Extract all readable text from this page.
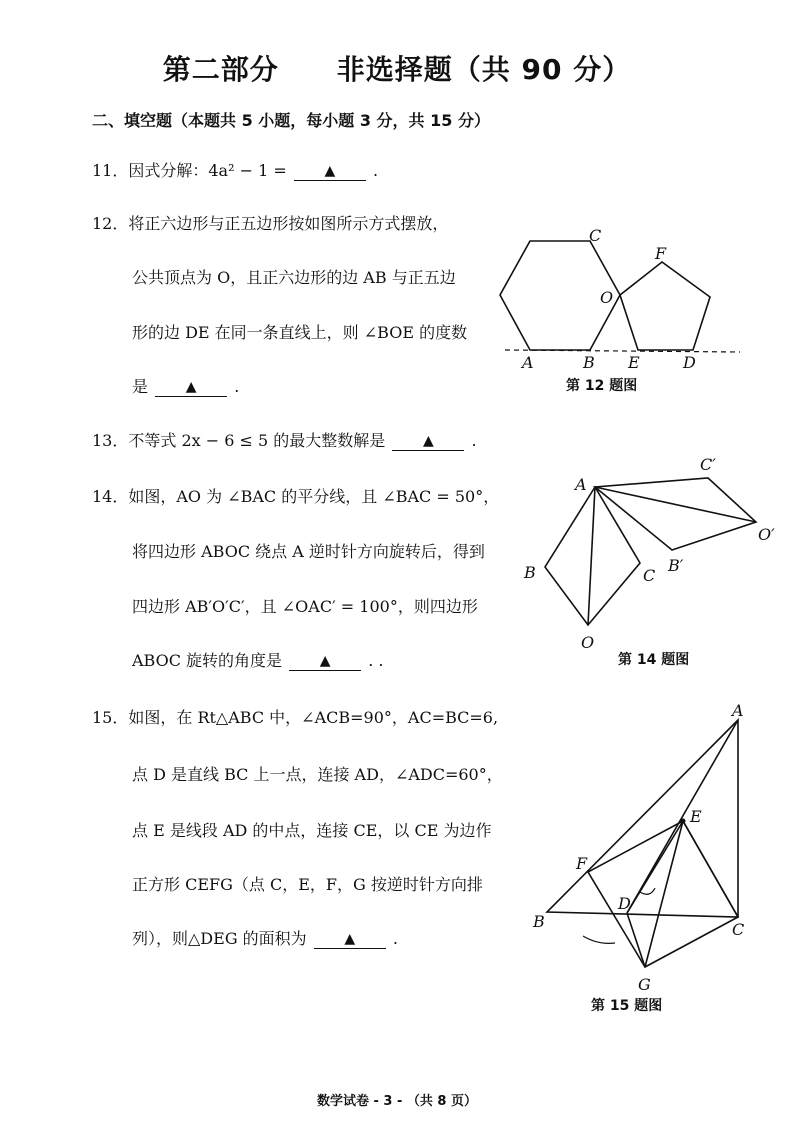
第二部分　　非选择题（共 90 分）
二、填空题（本题共 5 小题，每小题 3 分，共 15 分）
11．因式分解：4a² − 1 =	▲ .
12．将正六边形与正五边形按如图所示方式摆放，
公共顶点为 O，且正六边形的边 AB 与正五边
形的边 DE 在同一条直线上，则 ∠BOE 的度数
是	▲ .
A	B E	D
C
F
O
第 12 题图
13．不等式 2x − 6 ≤ 5 的最大整数解是	▲ .
14．如图，AO 为 ∠BAC 的平分线，且 ∠BAC = 50°，
将四边形 ABOC 绕点 A 逆时针方向旋转后，得到
四边形 AB′O′C′，且 ∠OAC′ = 100°，则四边形
ABOC 旋转的角度是	▲ . .
A
B	C
O
B′
C′
O′
第 14 题图
15．如图，在 Rt△ABC 中，∠ACB=90°，AC=BC=6,
点 D 是直线 BC 上一点，连接 AD，∠ADC=60°，
点 E 是线段 AD 的中点，连接 CE，以 CE 为边作
正方形 CEFG（点 C，E，F，G 按逆时针方向排
列），则△DEG 的面积为	▲ .
A
B	C
D
E
F
G
第 15 题图
数学试卷 - 3 - （共 8 页）
